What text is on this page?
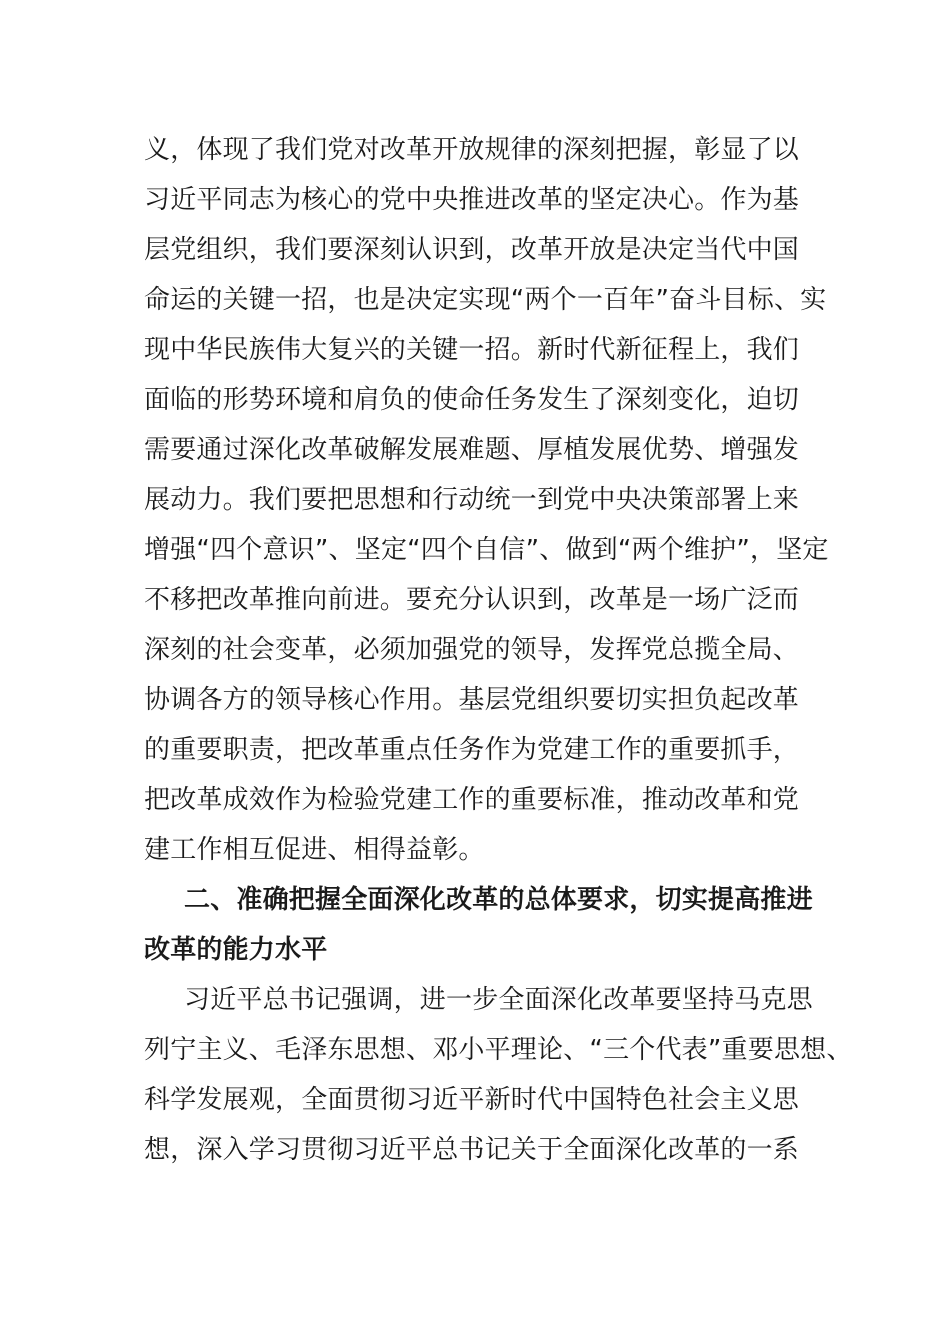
义，体现了我们党对改革开放规律的深刻把握，彰显了以
习近平同志为核心的党中央推进改革的坚定决心。作为基
层党组织，我们要深刻认识到，改革开放是决定当代中国
命运的关键一招，也是决定实现“两个一百年”奋斗目标、实
现中华民族伟大复兴的关键一招。新时代新征程上，我们
面临的形势环境和肩负的使命任务发生了深刻变化，迫切
需要通过深化改革破解发展难题、厚植发展优势、增强发
展动力。我们要把思想和行动统一到党中央决策部署上来
增强“四个意识”、坚定“四个自信”、做到“两个维护”，坚定
不移把改革推向前进。要充分认识到，改革是一场广泛而
深刻的社会变革，必须加强党的领导，发挥党总揽全局、
协调各方的领导核心作用。基层党组织要切实担负起改革
的重要职责，把改革重点任务作为党建工作的重要抓手，
把改革成效作为检验党建工作的重要标准，推动改革和党
建工作相互促进、相得益彰。
二、准确把握全面深化改革的总体要求，切实提高推进
改革的能力水平
习近平总书记强调，进一步全面深化改革要坚持马克思
列宁主义、毛泽东思想、邓小平理论、“三个代表”重要思想、
科学发展观，全面贯彻习近平新时代中国特色社会主义思
想，深入学习贯彻习近平总书记关于全面深化改革的一系
